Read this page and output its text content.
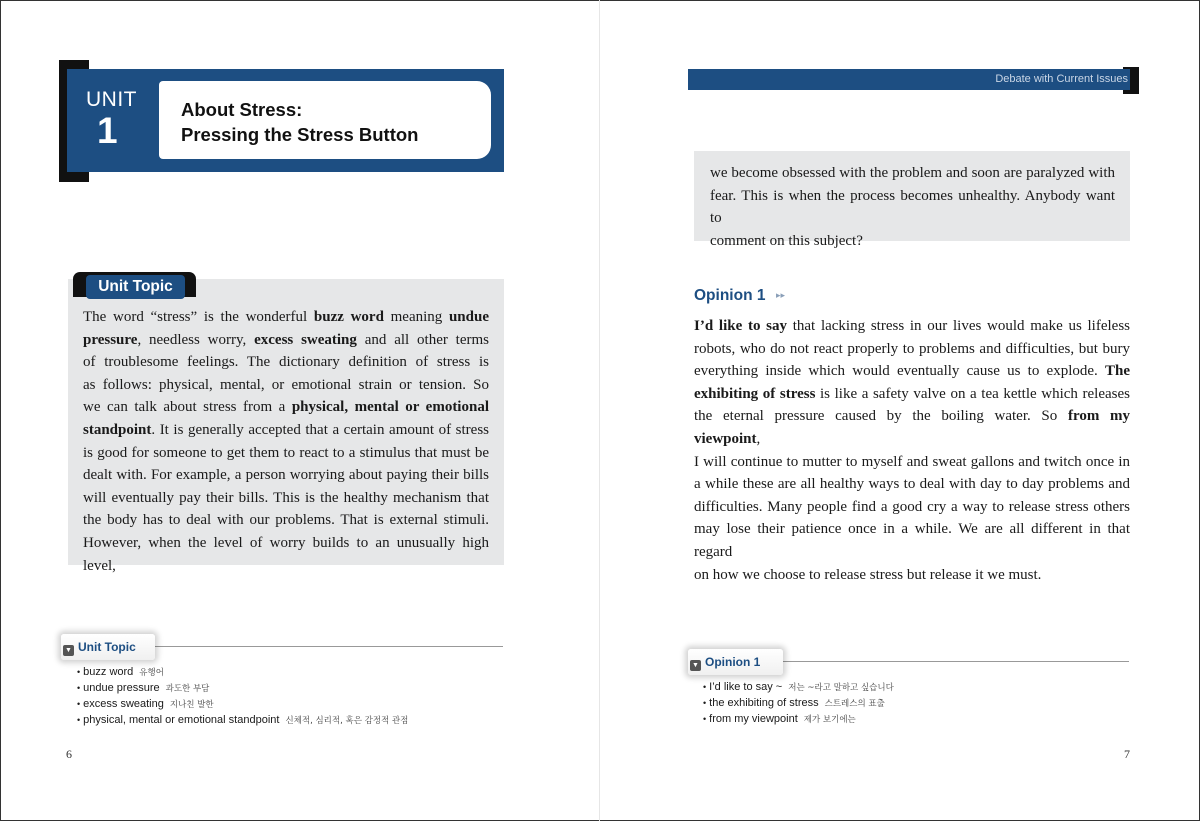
UNIT
1
About Stress:
Pressing the Stress Button
Unit Topic
The word “stress” is the wonderful buzz word meaning undue
pressure, needless worry, excess sweating and all other terms
of troublesome feelings. The dictionary definition of stress is
as follows: physical, mental, or emotional strain or tension. So
we can talk about stress from a physical, mental or emotional
standpoint. It is generally accepted that a certain amount of stress
is good for someone to get them to react to a stimulus that must be
dealt with. For example, a person worrying about paying their bills
will eventually pay their bills. This is the healthy mechanism that
the body has to deal with our problems. That is external stimuli.
However, when the level of worry builds to an unusually high level,
▼ Unit Topic
• buzz word 유행어
• undue pressure 과도한 부담
• excess sweating 지나친 발한
• physical, mental or emotional standpoint 신체적, 심리적, 혹은 감정적 관점
6
Debate with Current Issues
we become obsessed with the problem and soon are paralyzed with
fear. This is when the process becomes unhealthy. Anybody want to
comment on this subject?
Opinion 1 ▸▸
I’d like to say that lacking stress in our lives would make us lifeless
robots, who do not react properly to problems and difficulties, but bury
everything inside which would eventually cause us to explode. The
exhibiting of stress is like a safety valve on a tea kettle which releases
the eternal pressure caused by the boiling water. So from my viewpoint,
I will continue to mutter to myself and sweat gallons and twitch once in
a while these are all healthy ways to deal with day to day problems and
difficulties. Many people find a good cry a way to release stress others
may lose their patience once in a while. We are all different in that regard
on how we choose to release stress but release it we must.
▼ Opinion 1
• I’d like to say ~ 저는 ~라고 말하고 싶습니다
• the exhibiting of stress 스트레스의 표출
• from my viewpoint 제가 보기에는
7
